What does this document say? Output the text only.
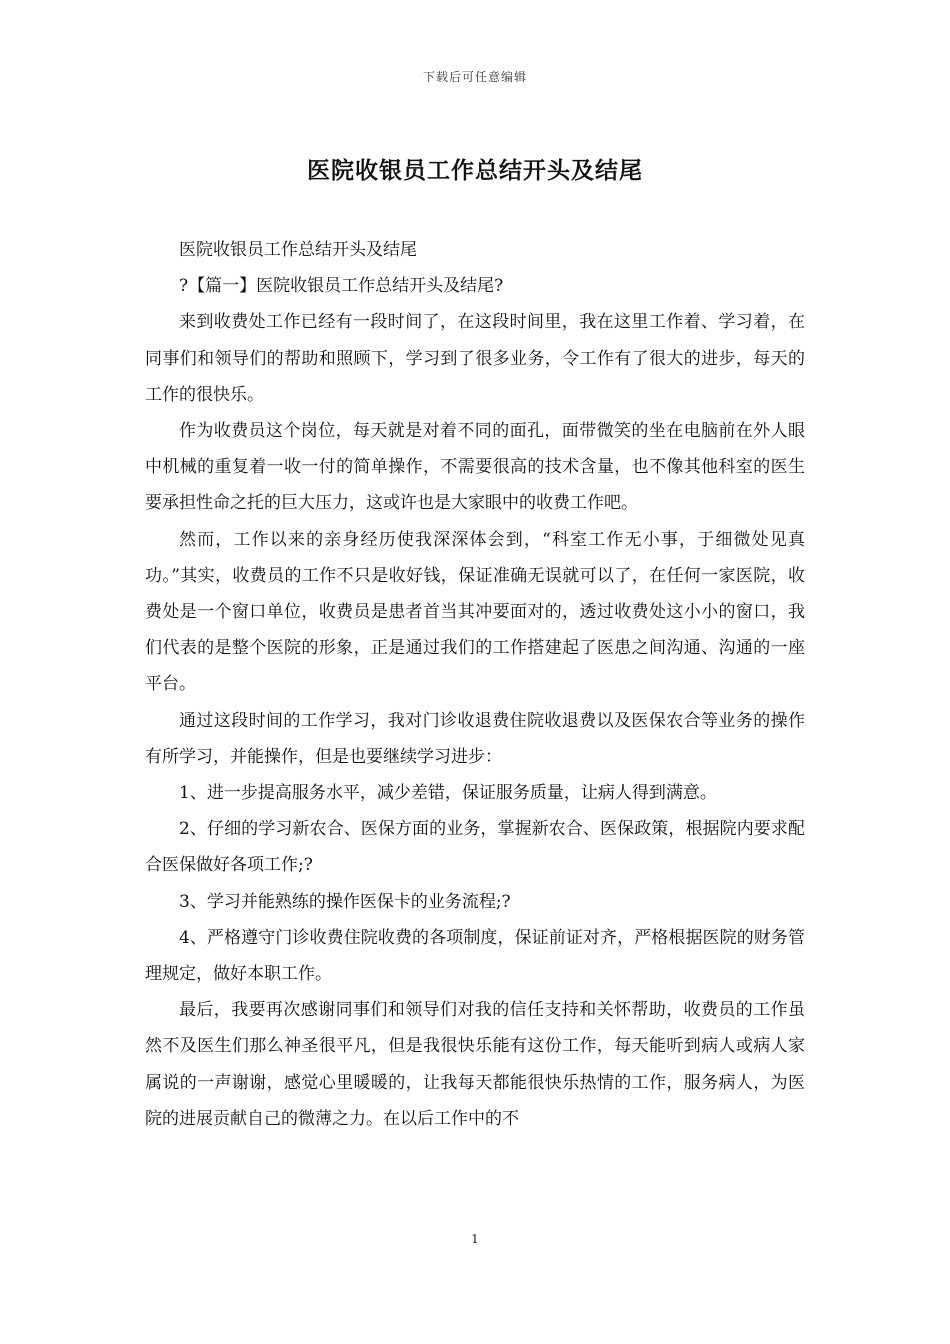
下载后可任意编辑
医院收银员工作总结开头及结尾

医院收银员工作总结开头及结尾

?【篇一】医院收银员工作总结开头及结尾?

来到收费处工作已经有一段时间了，在这段时间里，我在这里工作着、学习着，在同事们和领导们的帮助和照顾下，学习到了很多业务，令工作有了很大的进步，每天的工作的很快乐。

作为收费员这个岗位，每天就是对着不同的面孔，面带微笑的坐在电脑前在外人眼中机械的重复着一收一付的简单操作，不需要很高的技术含量，也不像其他科室的医生要承担性命之托的巨大压力，这或许也是大家眼中的收费工作吧。

然而，工作以来的亲身经历使我深深体会到，“科室工作无小事，于细微处见真功。”其实，收费员的工作不只是收好钱，保证准确无误就可以了，在任何一家医院，收费处是一个窗口单位，收费员是患者首当其冲要面对的，透过收费处这小小的窗口，我们代表的是整个医院的形象，正是通过我们的工作搭建起了医患之间沟通、沟通的一座平台。

通过这段时间的工作学习，我对门诊收退费住院收退费以及医保农合等业务的操作有所学习，并能操作，但是也要继续学习进步：

1、进一步提高服务水平，减少差错，保证服务质量，让病人得到满意。

2、仔细的学习新农合、医保方面的业务，掌握新农合、医保政策，根据院内要求配合医保做好各项工作;?

3、学习并能熟练的操作医保卡的业务流程;?

4、严格遵守门诊收费住院收费的各项制度，保证前证对齐，严格根据医院的财务管理规定，做好本职工作。

最后，我要再次感谢同事们和领导们对我的信任支持和关怀帮助，收费员的工作虽然不及医生们那么神圣很平凡，但是我很快乐能有这份工作，每天能听到病人或病人家属说的一声谢谢，感觉心里暖暖的，让我每天都能很快乐热情的工作，服务病人，为医院的进展贡献自己的微薄之力。在以后工作中的不

1
